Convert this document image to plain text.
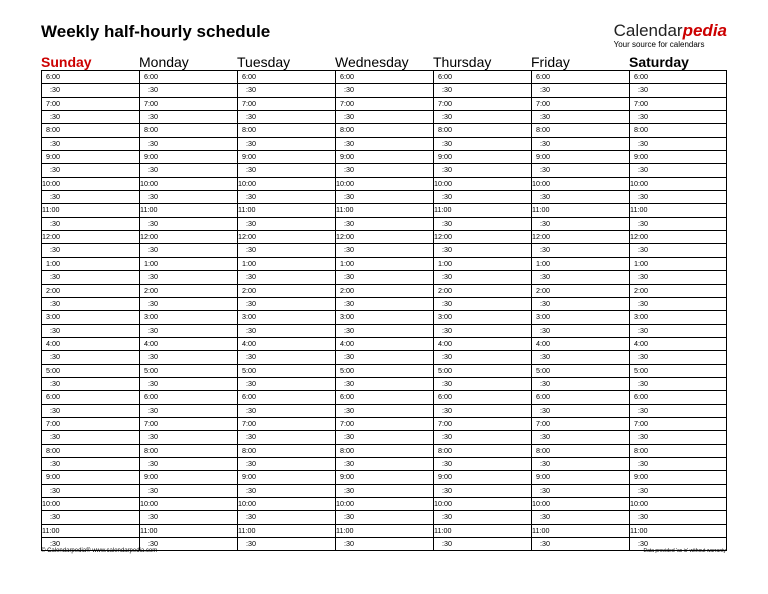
Weekly half-hourly schedule	Calendarpedia
Your source for calendars
Sunday
6:00
:30
7:00
:30
8:00
:30
9:00
:30
10:00
:30
11:00
:30
12:00
:30
1:00
:30
2:00
:30
3:00
:30
4:00
:30
5:00
:30
6:00
:30
7:00
:30
8:00
:30
9:00
:30
10:00
:30
11:00
:30
Monday
6:00
:30
7:00
:30
8:00
:30
9:00
:30
10:00
:30
11:00
:30
12:00
:30
1:00
:30
2:00
:30
3:00
:30
4:00
:30
5:00
:30
6:00
:30
7:00
:30
8:00
:30
9:00
:30
10:00
:30
11:00
:30
Tuesday
6:00
:30
7:00
:30
8:00
:30
9:00
:30
10:00
:30
11:00
:30
12:00
:30
1:00
:30
2:00
:30
3:00
:30
4:00
:30
5:00
:30
6:00
:30
7:00
:30
8:00
:30
9:00
:30
10:00
:30
11:00
:30
Wednesday
6:00
:30
7:00
:30
8:00
:30
9:00
:30
10:00
:30
11:00
:30
12:00
:30
1:00
:30
2:00
:30
3:00
:30
4:00
:30
5:00
:30
6:00
:30
7:00
:30
8:00
:30
9:00
:30
10:00
:30
11:00
:30
Thursday
6:00
:30
7:00
:30
8:00
:30
9:00
:30
10:00
:30
11:00
:30
12:00
:30
1:00
:30
2:00
:30
3:00
:30
4:00
:30
5:00
:30
6:00
:30
7:00
:30
8:00
:30
9:00
:30
10:00
:30
11:00
:30
Friday
6:00
:30
7:00
:30
8:00
:30
9:00
:30
10:00
:30
11:00
:30
12:00
:30
1:00
:30
2:00
:30
3:00
:30
4:00
:30
5:00
:30
6:00
:30
7:00
:30
8:00
:30
9:00
:30
10:00
:30
11:00
:30
Saturday
6:00
:30
7:00
:30
8:00
:30
9:00
:30
10:00
:30
11:00
:30
12:00
:30
1:00
:30
2:00
:30
3:00
:30
4:00
:30
5:00
:30
6:00
:30
7:00
:30
8:00
:30
9:00
:30
10:00
:30
11:00
:30
© Calendarpedia® www.calendarpedia.com	Data provided 'as is' without warranty
